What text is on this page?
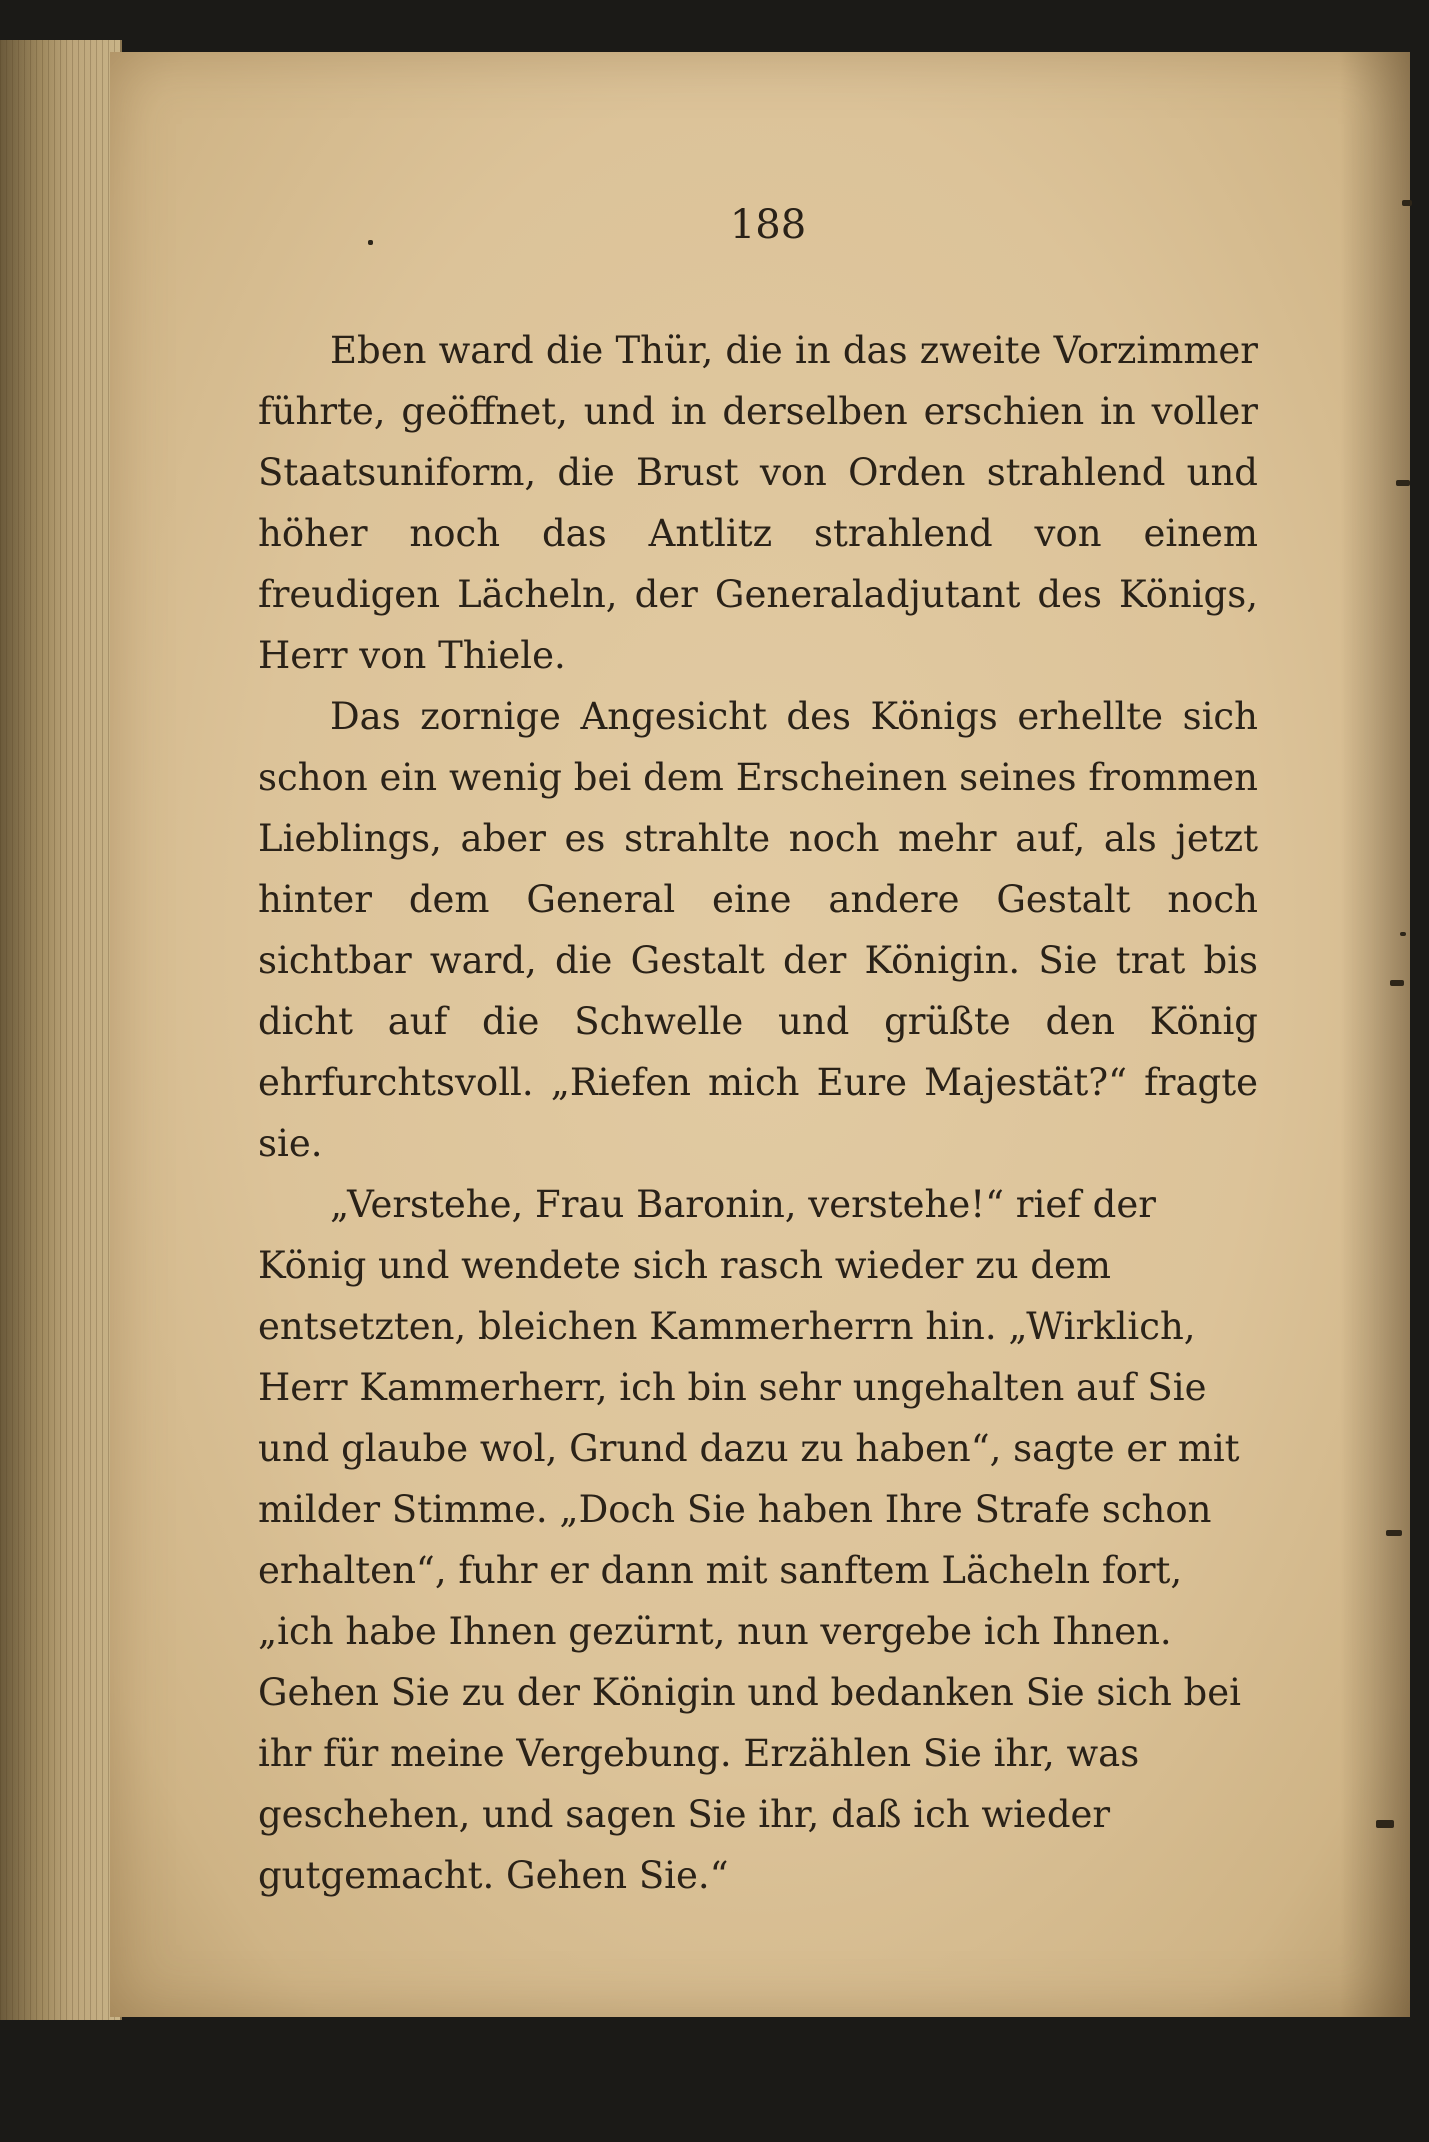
188

Eben ward die Thür, die in das zweite Vorzimmer führte, geöffnet, und in derselben erschien in voller Staatsuniform, die Brust von Orden strahlend und höher noch das Antlitz strahlend von einem freudigen Lächeln, der Generaladjutant des Königs, Herr von Thiele.

Das zornige Angesicht des Königs erhellte sich schon ein wenig bei dem Erscheinen seines frommen Lieblings, aber es strahlte noch mehr auf, als jetzt hinter dem General eine andere Gestalt noch sichtbar ward, die Gestalt der Königin. Sie trat bis dicht auf die Schwelle und grüßte den König ehrfurchtsvoll. „Riefen mich Eure Majestät?“ fragte sie.

„Verstehe, Frau Baronin, verstehe!“ rief der König und wendete sich rasch wieder zu dem entsetzten, bleichen Kammerherrn hin. „Wirklich, Herr Kammerherr, ich bin sehr ungehalten auf Sie und glaube wol, Grund dazu zu haben“, sagte er mit milder Stimme. „Doch Sie haben Ihre Strafe schon erhalten“, fuhr er dann mit sanftem Lächeln fort, „ich habe Ihnen gezürnt, nun vergebe ich Ihnen. Gehen Sie zu der Königin und bedanken Sie sich bei ihr für meine Vergebung. Erzählen Sie ihr, was geschehen, und sagen Sie ihr, daß ich wieder gutgemacht. Gehen Sie.“
